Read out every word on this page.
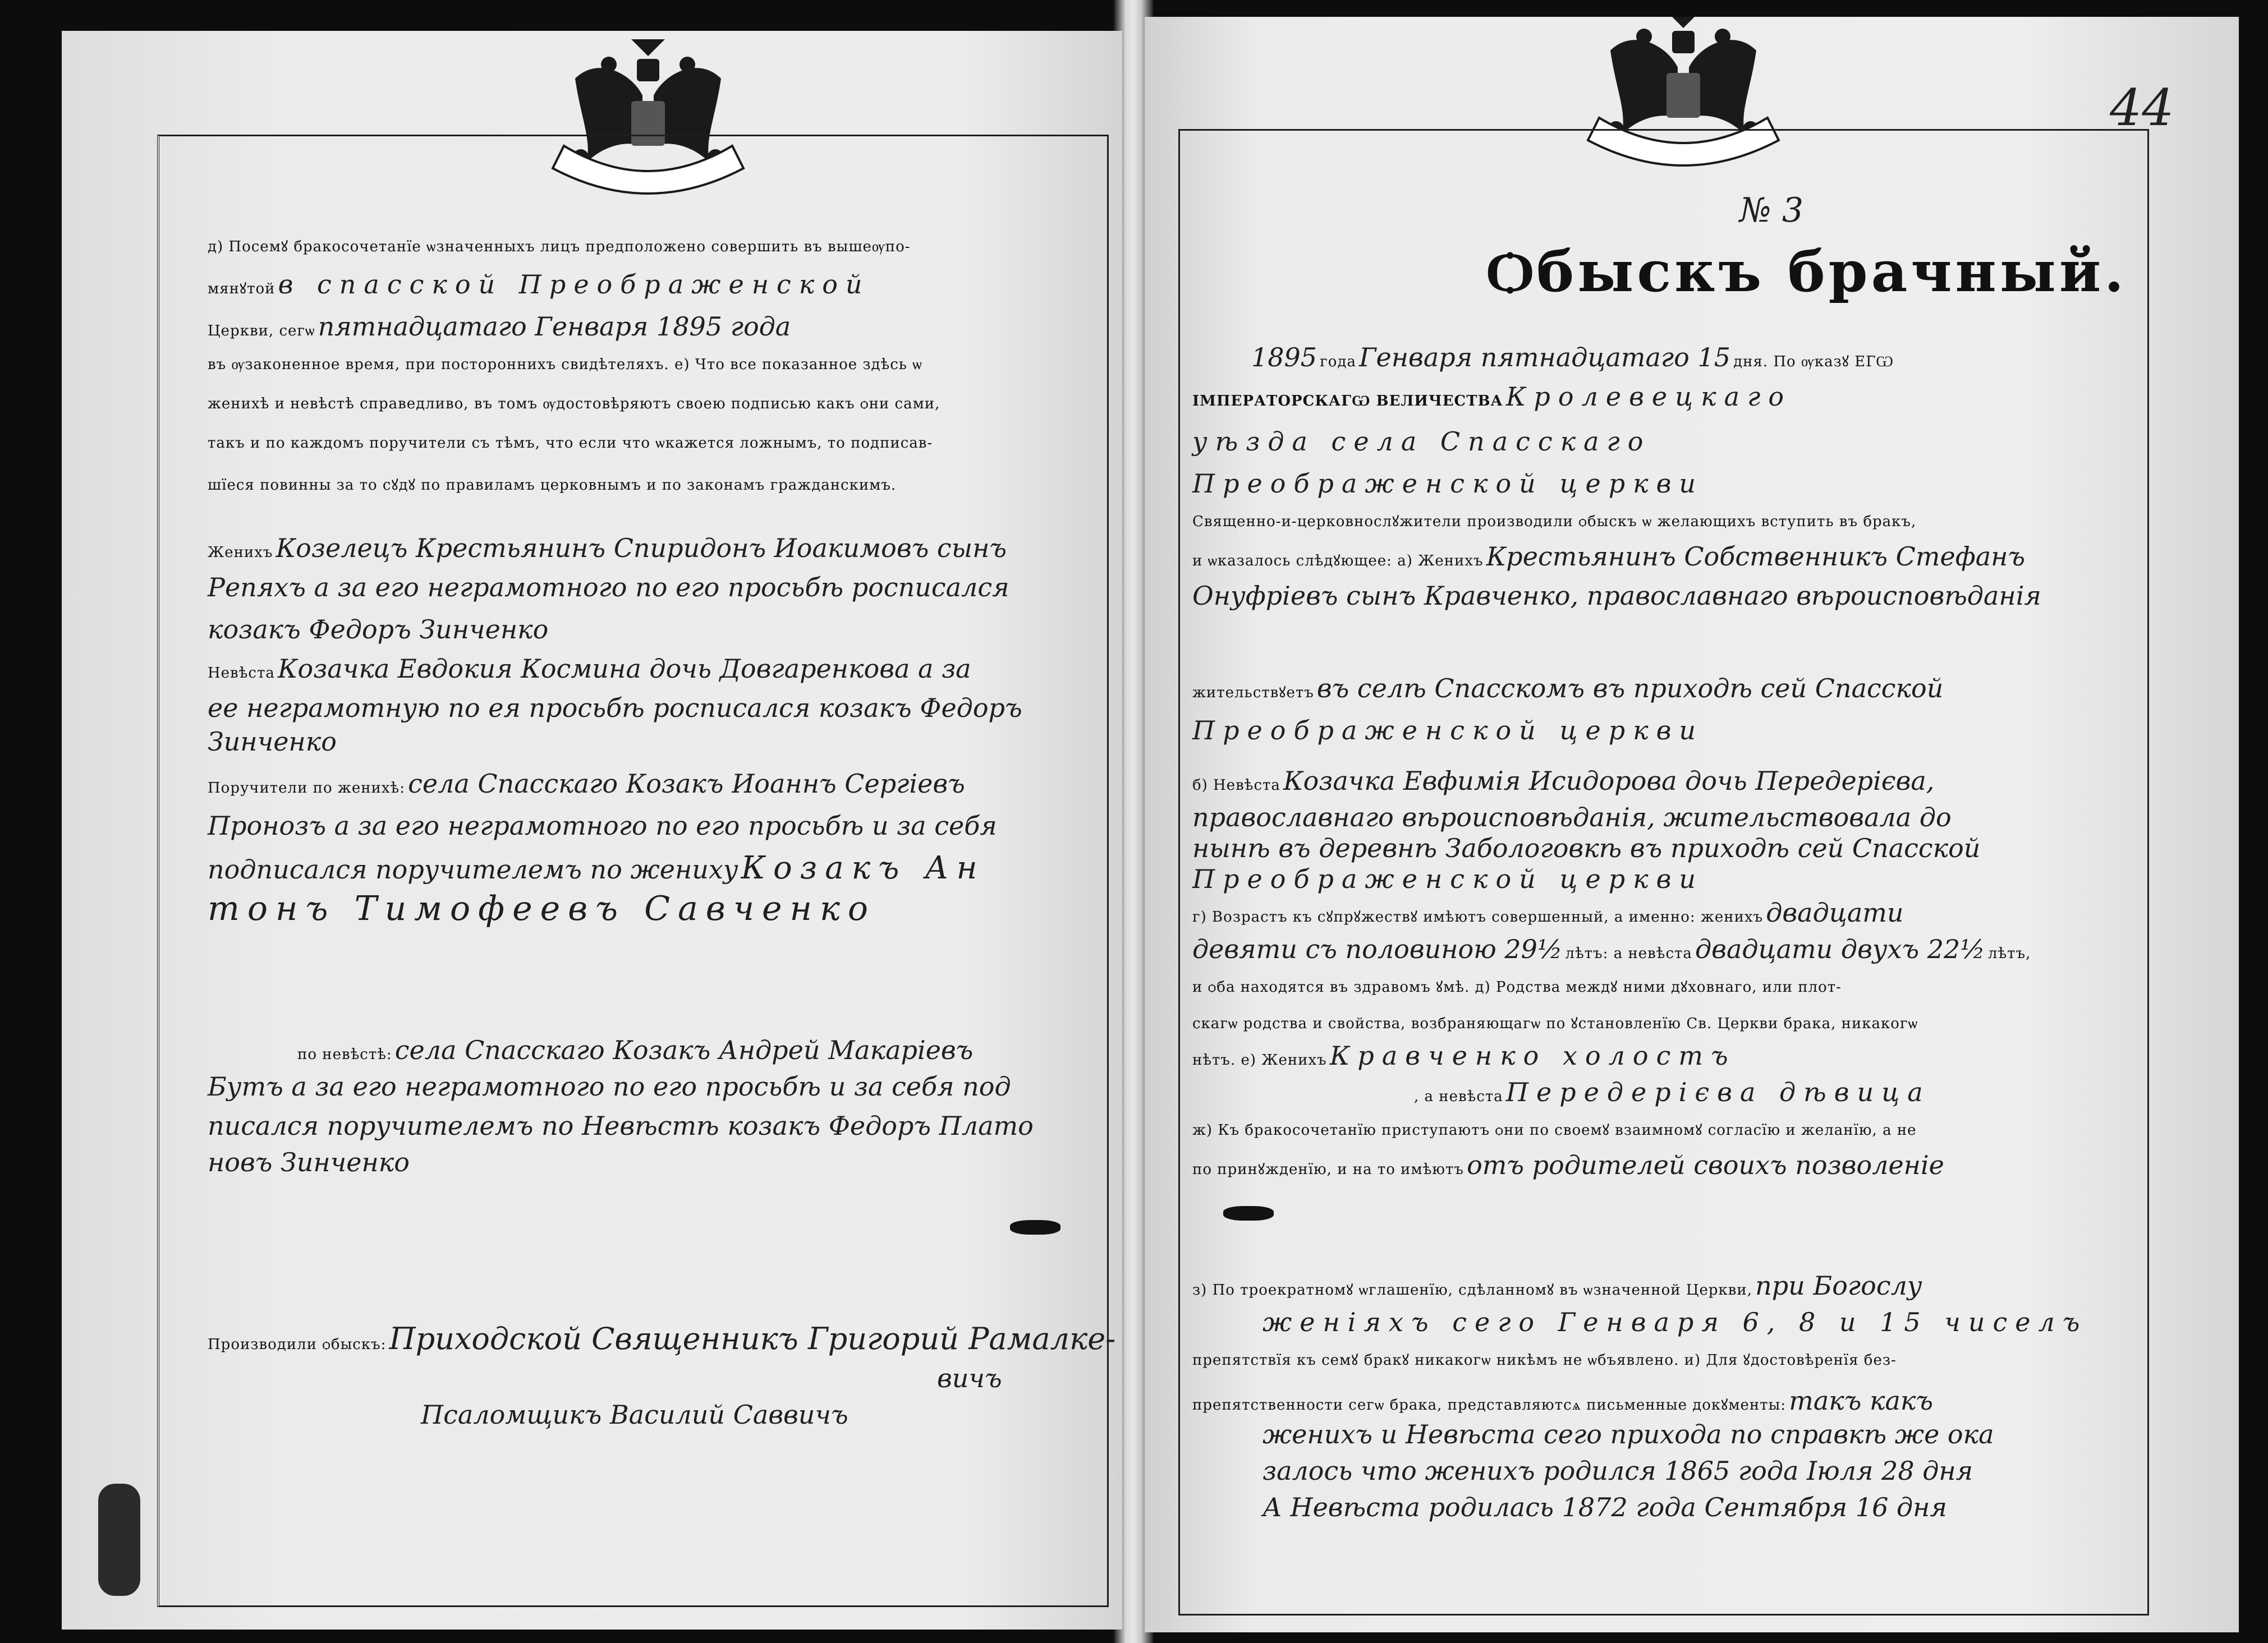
д) Посемꙋ бракосочетанїе ѡзначенныхъ лицъ предположено совершить въ вышеѹпо-
мянꙋтой в спасской Преображенской
Церкви, сегѡ пятнадцатаго Генваря 1895 года
въ ѹзаконенное время, при постороннихъ свидѣтеляхъ. е) Что все показанное здѣсь ѡ
женихѣ и невѣстѣ справедливо, въ томъ ѹдостовѣряютъ своею подписью какъ ѻни сами,
такъ и по каждомъ поручители съ тѣмъ, что если что ѡкажется ложнымъ, то подписав-
шїеся повинны за то сꙋдꙋ по правиламъ церковнымъ и по законамъ гражданскимъ.
Женихъ Козелецъ Крестьянинъ Спиридонъ Иоакимовъ сынъ
Репяхъ а за его неграмотного по его просьбѣ росписался
козакъ Федоръ Зинченко
Невѣста Козачка Евдокия Космина дочь Довгаренкова а за
ее неграмотную по ея просьбѣ росписался козакъ Федоръ
Зинченко
Поручители по женихѣ: села Спасскаго Козакъ Иоаннъ Сергіевъ
Пронозъ а за его неграмотного по его просьбѣ и за себя
подписался поручителемъ по жениху Козакъ Ан
тонъ Тимофеевъ Савченко
по невѣстѣ: села Спасскаго Козакъ Андрей Макаріевъ
Бутъ а за его неграмотного по его просьбѣ и за себя под
писался поручителемъ по Невѣстѣ козакъ Федоръ Плато
новъ Зинченко
Производили ѻбыскъ: Приходской Священникъ Григорий Рамалке-
вичъ
Псаломщикъ Василий Саввичъ
44
№ 3
Ѻбыскъ брачный.
1895 года Генваря пятнадцатаго 15 дня. По ѹказꙋ ЕГѠ
ІМПЕРАТОРСКАГѠ ВЕЛИЧЕСТВА Кролевецкаго
уѣзда села Спасскаго
Преображенской церкви
Священно-и-церковнослꙋжители производили ѻбыскъ ѡ желающихъ вступить въ бракъ,
и ѡказалось слѣдꙋющее: а) Женихъ Крестьянинъ Собственникъ Стефанъ
Онуфріевъ сынъ Кравченко, православнаго вѣроисповѣданія
жительствꙋетъ въ селѣ Спасскомъ въ приходѣ сей Спасской
Преображенской церкви
б) Невѣста Козачка Евфимія Исидорова дочь Передерієва,
православнаго вѣроисповѣданія, жительствовала до
нынѣ въ деревнѣ Забологовкѣ въ приходѣ сей Спасской
Преображенской церкви
г) Возрастъ къ сꙋпрꙋжествꙋ имѣютъ совершенный, а именно: женихъ двадцати
девяти съ половиною 29½ лѣтъ: а невѣста двадцати двухъ 22½ лѣтъ,
и ѻба находятся въ здравомъ ꙋмѣ. д) Родства междꙋ ними дꙋховнаго, или плот-
скагѡ родства и свойства, возбраняющагѡ по ꙋстановленїю Св. Церкви брака, никакогѡ
нѣтъ. е) Женихъ Кравченко холостъ
, а невѣста Передерієва дѣвица
ж) Къ бракосочетанїю приступаютъ ѻни по своемꙋ взаимномꙋ согласїю и желанїю, а не
по принꙋжденїю, и на то имѣютъ отъ родителей своихъ позволеніе
з) По троекратномꙋ ѡглашенїю, сдѣланномꙋ въ ѡзначенной Церкви, при Богослу
женіяхъ сего Генваря 6, 8 и 15 чиселъ
препятствїя къ семꙋ бракꙋ никакогѡ никѣмъ не ѡбъявлено. и) Для ꙋдостовѣренїя без-
препятственности сегѡ брака, представляютсѧ письменные докꙋменты: такъ какъ
женихъ и Невѣста сего прихода по справкѣ же ока
залось что женихъ родился 1865 года Іюля 28 дня
А Невѣста родилась 1872 года Сентября 16 дня
